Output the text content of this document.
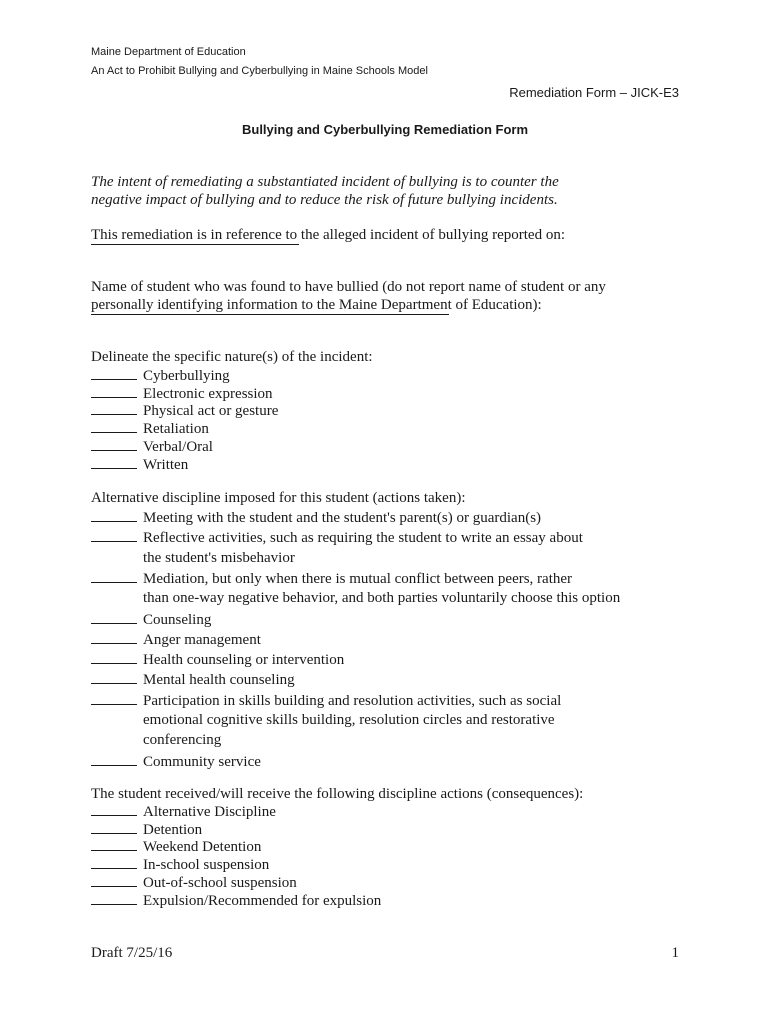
Maine Department of Education
An Act to Prohibit Bullying and Cyberbullying in Maine Schools Model
Remediation Form – JICK-E3
Bullying and Cyberbullying Remediation Form
The intent of remediating a substantiated incident of bullying is to counter the
negative impact of bullying and to reduce the risk of future bullying incidents.
This remediation is in reference to the alleged incident of bullying reported on:
Name of student who was found to have bullied (do not report name of student or any
personally identifying information to the Maine Department of Education):
Delineate the specific nature(s) of the incident:
Cyberbullying
Electronic expression
Physical act or gesture
Retaliation
Verbal/Oral
Written
Alternative discipline imposed for this student (actions taken):
Meeting with the student and the student's parent(s) or guardian(s)
Reflective activities, such as requiring the student to write an essay about
the student's misbehavior
Mediation, but only when there is mutual conflict between peers, rather
than one-way negative behavior, and both parties voluntarily choose this option
Counseling
Anger management
Health counseling or intervention
Mental health counseling
Participation in skills building and resolution activities, such as social
emotional cognitive skills building, resolution circles and restorative
conferencing
Community service
The student received/will receive the following discipline actions (consequences):
Alternative Discipline
Detention
Weekend Detention
In-school suspension
Out-of-school suspension
Expulsion/Recommended for expulsion
Draft 7/25/16	1
